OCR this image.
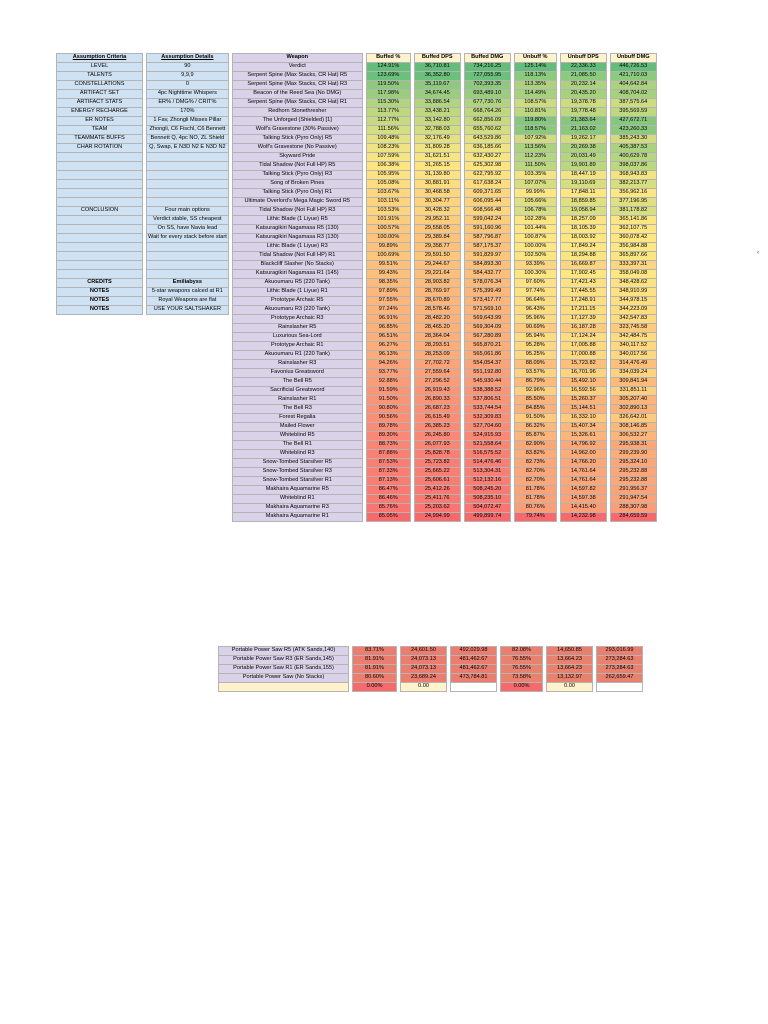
Assumption Criteria		Assumption Details		Weapon		Buffed %		Buffed DPS		Buffed DMG		Unbuff %		Unbuff DPS		Unbuff DMG
LEVEL		90		Verdict		124.91%		36,710.81		734,216.25		125.14%		22,336.33		446,726.53
TALENTS		9,9,9		Serpent Spine (Max Stacks, CR Hat) R5		123.69%		36,352.80		727,055.95		118.13%		21,085.50		421,710.03
CONSTELLATIONS		0		Serpent Spine (Max Stacks, CR Hat) R3		119.50%		35,119.67		702,393.35		113.35%		20,232.14		404,642.84
ARTIFACT SET		4pc Nighttime Whispers		Beacon of the Reed Sea (No DMG)		117.98%		34,674.45		693,489.10		114.49%		20,435.20		408,704.02
ARTIFACT STATS		ER% / DMG% / CRIT%		Serpent Spine (Max Stacks, CR Hat) R1		115.30%		33,886.54		677,730.76		108.57%		19,378.78		387,575.64
ENERGY RECHARGE		170%		Redhorn Stonethresher		113.77%		33,438.21		668,764.26		110.81%		19,778.48		395,569.59
ER NOTES		1 Fav, Zhongli Misses Pillar		The Unforged (Shielded) [1]		112.77%		33,142.80		662,856.09		119.80%		21,383.64		427,672.71
TEAM		Zhongli, C6 Fischl, C6 Bennett		Wolf's Gravestone (30% Passive)		111.56%		32,788.03		655,760.62		118.57%		21,163.02		423,260.33
TEAMMATE BUFFS		Bennett Q, 4pc NO, ZL Shield		Talking Stick (Pyro Only) R5		109.48%		32,176.49		643,529.86		107.92%		19,262.17		385,243.30
CHAR ROTATION		Q, Swap, E N3D N2 E N3D N2		Wolf's Gravestone (No Passive)		108.23%		31,809.28		636,185.66		113.56%		20,269.38		405,387.53
				Skyward Pride		107.59%		31,621.51		632,430.27		112.23%		20,031.49		400,629.78
				Tidal Shadow (Not Full HP) R5		106.38%		31,265.15		625,302.98		111.50%		19,901.89		398,037.86
				Talking Stick (Pyro Only) R3		105.95%		31,139.80		622,795.92		103.35%		18,447.19		368,943.83
				Song of Broken Pines		105.08%		30,881.91		617,638.24		107.07%		19,110.69		382,213.77
				Talking Stick (Pyro Only) R1		103.67%		30,468.58		609,371.65		99.99%		17,848.11		356,962.16
				Ultimate Overlord's Mega Magic Sword R5		103.11%		30,304.77		606,095.44		105.66%		18,859.85		377,196.95
CONCLUSION		Four main options		Tidal Shadow (Not Full HP) R3		103.53%		30,428.32		608,566.48		106.78%		19,058.94		381,178.82
		Verdict stable, SS cheapest		Lithic Blade (1 Liyue) R5		101.91%		29,952.11		599,042.24		102.28%		18,257.09		365,141.86
		On SS, have Navia lead		Katsuragikiri Nagamasa R5 (130)		100.57%		29,558.05		591,160.96		101.44%		18,105.39		362,107.75
		Wait for every stack before start		Katsuragikiri Nagamasa R3 (130)		100.00%		29,389.84		587,796.87		100.87%		18,003.92		360,078.42
				Lithic Blade (1 Liyue) R3		99.89%		29,358.77		587,175.37		100.00%		17,849.24		356,984.88
				Tidal Shadow (Not Full HP) R1		100.69%		29,591.50		591,829.97		102.50%		18,294.88		365,897.66
				Blackcliff Slasher (No Stacks)		99.51%		29,244.67		584,893.30		93.39%		16,669.87		333,397.31
				Katsuragikiri Nagamasa R1 (145)		99.43%		29,221.64		584,432.77		100.30%		17,902.45		358,049.08
CREDITS		Emiliabyss		Akuoumaru R5 (220 Tank)		98.35%		28,903.82		578,076.34		97.60%		17,421.43		348,428.62
NOTES		5-star weapons calced at R1		Lithic Blade (1 Liyue) R1		97.89%		28,769.97		575,399.49		97.74%		17,445.55		348,910.99
NOTES		Royal Weapons are flat		Prototype Archaic R5		97.55%		28,670.89		573,417.77		96.64%		17,248.91		344,978.15
NOTES		USE YOUR SALTSHAKER		Akuoumaru R3 (220 Tank)		97.24%		28,578.46		571,569.10		96.43%		17,211.15		344,223.09
				Prototype Archaic R3		96.91%		28,482.20		569,643.99		95.96%		17,127.39		342,547.83
				Rainslasher R5		96.85%		28,465.20		569,304.09		90.69%		16,187.28		323,745.58
				Luxurious Sea-Lord		96.51%		28,364.04		567,280.89		95.94%		17,124.24		342,484.75
				Prototype Archaic R1		96.27%		28,293.51		565,870.21		95.28%		17,005.88		340,117.52
				Akuoumaru R1 (220 Tank)		96.13%		28,253.09		565,061.86		95.25%		17,000.88		340,017.56
				Rainslasher R3		94.26%		27,702.72		554,054.37		88.09%		15,723.82		314,476.49
				Favonius Greatsword		93.77%		27,559.64		551,192.80		93.57%		16,701.96		334,039.24
				The Bell R5		92.88%		27,296.52		545,930.44		86.79%		15,492.10		309,841.94
				Sacrificial Greatsword		91.59%		26,919.43		538,388.52		92.96%		16,592.56		331,851.11
				Rainslasher R1		91.50%		26,890.33		537,806.51		85.50%		15,260.37		305,207.40
				The Bell R3		90.80%		26,687.23		533,744.54		84.85%		15,144.51		302,890.13
				Forest Regalia		90.56%		26,615.49		532,309.83		91.50%		16,332.10		326,642.01
				Mailed Flower		89.78%		26,385.23		527,704.60		86.32%		15,407.34		308,146.85
				Whiteblind R5		89.30%		26,245.80		524,915.93		85.87%		15,326.61		306,532.27
				The Bell R1		88.73%		26,077.93		521,558.64		82.90%		14,796.92		295,938.31
				Whiteblind R3		87.88%		25,828.78		516,575.52		83.82%		14,962.00		299,239.90
				Snow-Tombed Starsilver R5		87.53%		25,723.82		514,476.46		82.73%		14,766.20		295,324.10
				Snow-Tombed Starsilver R3		87.33%		25,665.22		513,304.31		82.70%		14,761.64		295,232.88
				Snow-Tombed Starsilver R1		87.13%		25,606.61		512,132.16		82.70%		14,761.64		295,232.88
				Makhaira Aquamarine R5		86.47%		25,412.26		508,245.20		81.78%		14,597.82		291,956.37
				Whiteblind R1		86.46%		25,411.76		508,235.10		81.78%		14,597.38		291,947.54
				Makhaira Aquamarine R3		85.76%		25,203.62		504,072.47		80.76%		14,415.40		288,307.98
				Makhaira Aquamarine R1		85.05%		24,994.99		499,899.74		79.74%		14,232.98		284,659.59
Portable Power Saw R5 (ATK Sands,140)		83.71%		24,601.50		492,029.98		82.08%		14,650.85		293,016.99
Portable Power Saw R3 (ER Sands,145)		81.91%		24,073.13		481,462.67		76.55%		13,664.23		273,284.63
Portable Power Saw R1 (ER Sands,155)		81.91%		24,073.13		481,462.67		76.55%		13,664.23		273,284.63
Portable Power Saw (No Stacks)		80.60%		23,689.24		473,784.81		73.58%		13,132.97		262,659.47
		0.00%		0.00				0.00%		0.00		
‹
